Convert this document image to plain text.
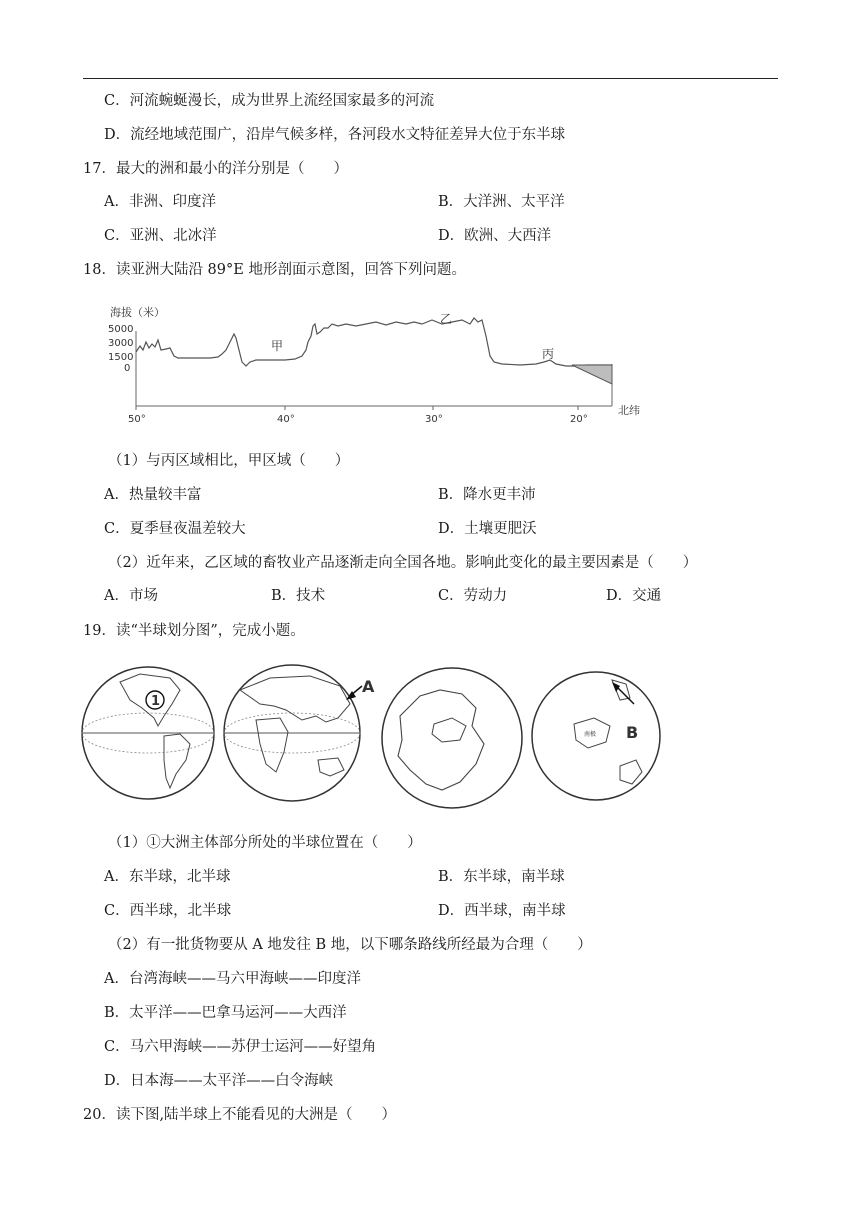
C．河流蜿蜒漫长，成为世界上流经国家最多的河流
D．流经地域范围广，沿岸气候多样，各河段水文特征差异大位于东半球
17．最大的洲和最小的洋分别是（　　）
A．非洲、印度洋	B．大洋洲、太平洋
C．亚洲、北冰洋	D．欧洲、大西洋
18．读亚洲大陆沿 89°E 地形剖面示意图，回答下列问题。
海拔（米）
5000
3000
1500
0
甲
乙
丙
50°	40°	30°	20°
北纬
（1）与丙区域相比，甲区域（　　）
A．热量较丰富	B．降水更丰沛
C．夏季昼夜温差较大	D．土壤更肥沃
（2）近年来，乙区域的畜牧业产品逐渐走向全国各地。影响此变化的最主要因素是（　　）
A．市场	B．技术	C．劳动力	D．交通
19．读“半球划分图”，完成小题。
1
A
南极 B
（1）①大洲主体部分所处的半球位置在（　　）
A．东半球，北半球	B．东半球，南半球
C．西半球，北半球	D．西半球，南半球
（2）有一批货物要从 A 地发往 B 地，以下哪条路线所经最为合理（　　）
A．台湾海峡——马六甲海峡——印度洋
B．太平洋——巴拿马运河——大西洋
C．马六甲海峡——苏伊士运河——好望角
D．日本海——太平洋——白令海峡
20．读下图,陆半球上不能看见的大洲是（　　）
